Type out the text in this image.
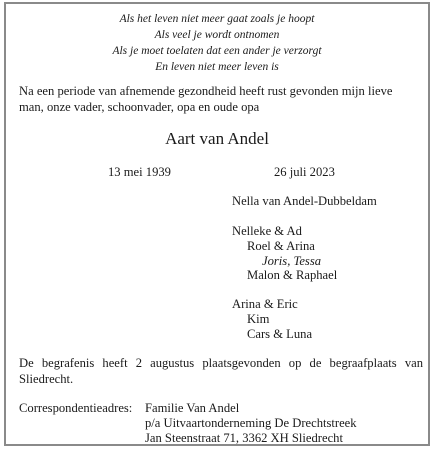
Als het leven niet meer gaat zoals je hoopt
Als veel je wordt ontnomen
Als je moet toelaten dat een ander je verzorgt
En leven niet meer leven is
Na een periode van afnemende gezondheid heeft rust gevonden mijn lieve man, onze vader, schoonvader, opa en oude opa
Aart van Andel
13 mei 1939	26 juli 2023
Nella van Andel-Dubbeldam
Nelleke & Ad
Roel & Arina
Joris, Tessa
Malon & Raphael
Arina & Eric
Kim
Cars & Luna
De begrafenis heeft 2 augustus plaatsgevonden op de begraafplaats van Sliedrecht.
Correspondentieadres: Familie Van Andel
p/a Uitvaartonderneming De Drechtstreek
Jan Steenstraat 71, 3362 XH Sliedrecht
